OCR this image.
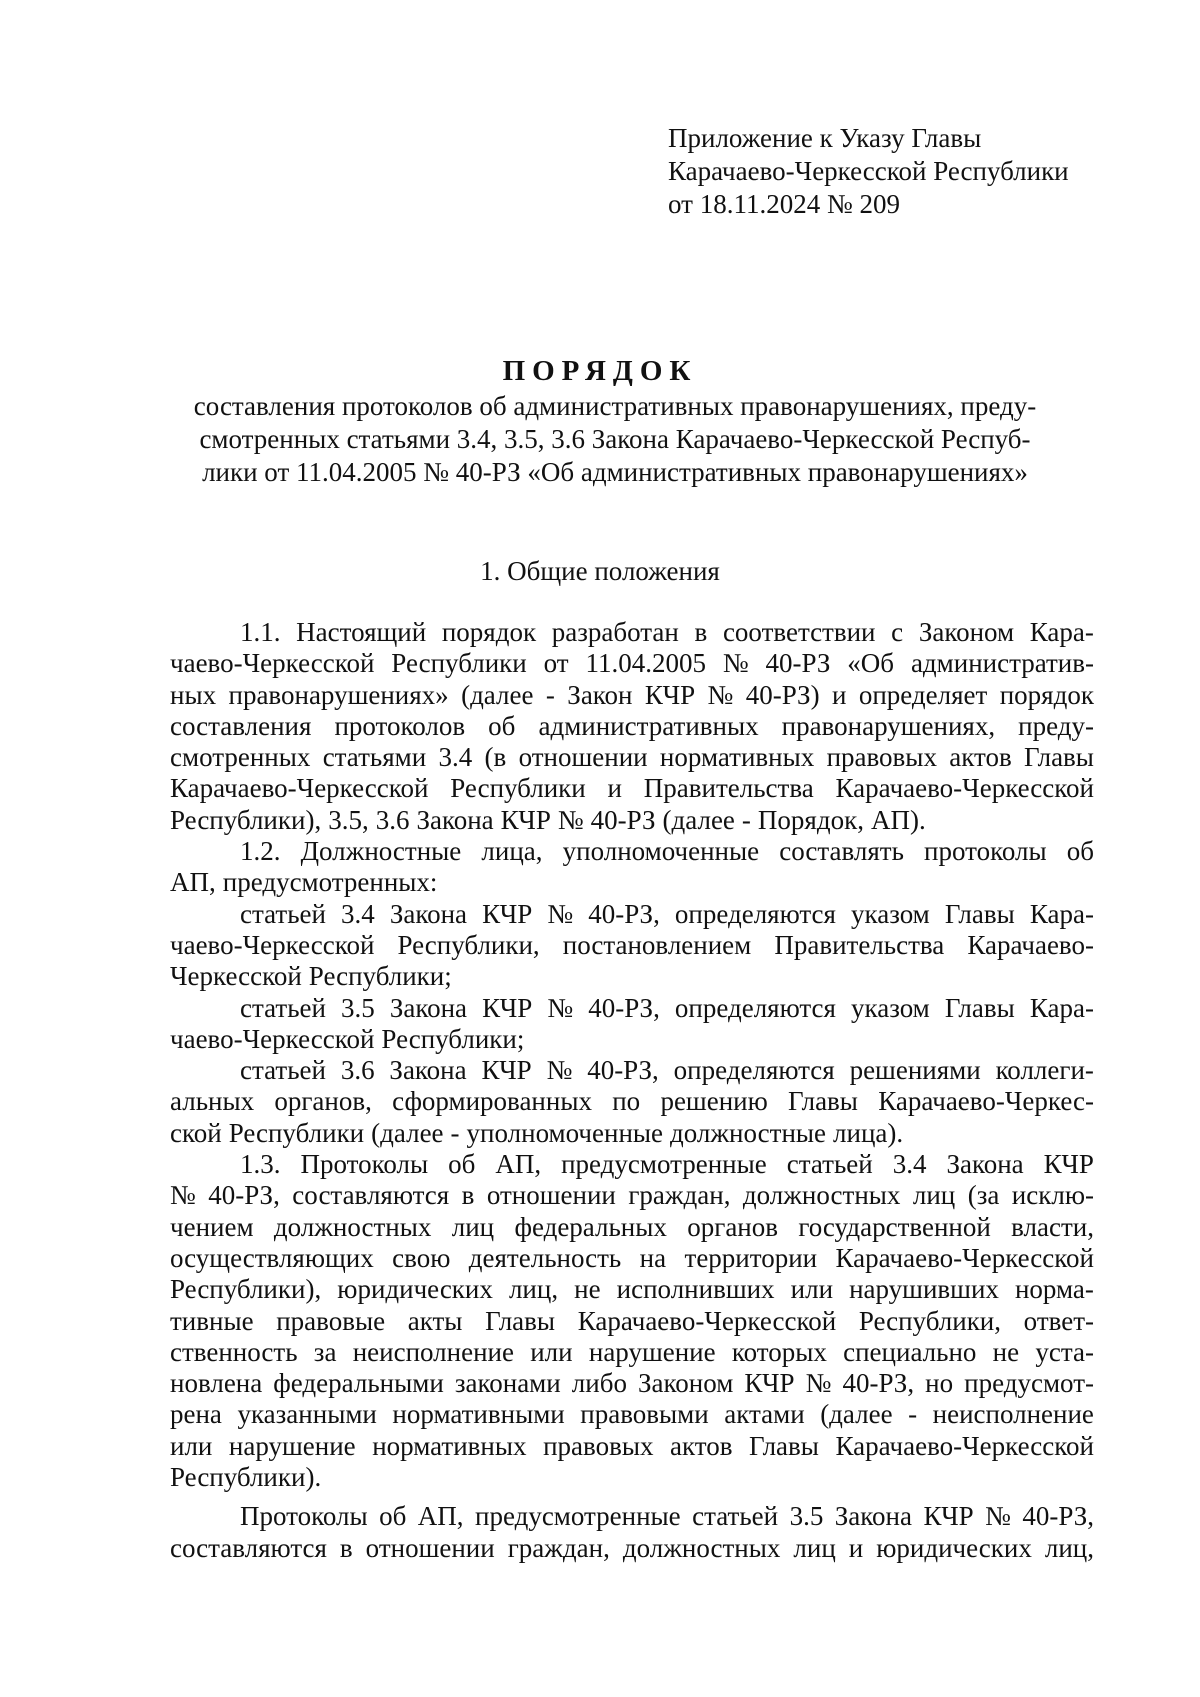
Приложение к Указу Главы
Карачаево-Черкесской Республики
от 18.11.2024 № 209
ПОРЯДОК
составления протоколов об административных правонарушениях, преду-
смотренных статьями 3.4, 3.5, 3.6 Закона Карачаево-Черкесской Респуб-
лики от 11.04.2005 № 40-РЗ «Об административных правонарушениях»
1. Общие положения
1.1. Настоящий порядок разработан в соответствии с Законом Кара-
чаево-Черкесской Республики от 11.04.2005 № 40-РЗ «Об административ-
ных правонарушениях» (далее - Закон КЧР № 40-РЗ) и определяет порядок
составления протоколов об административных правонарушениях, преду-
смотренных статьями 3.4 (в отношении нормативных правовых актов Главы
Карачаево-Черкесской Республики и Правительства Карачаево-Черкесской
Республики), 3.5, 3.6 Закона КЧР № 40-РЗ (далее - Порядок, АП).
1.2. Должностные лица, уполномоченные составлять протоколы об
АП, предусмотренных:
статьей 3.4 Закона КЧР № 40-РЗ, определяются указом Главы Кара-
чаево-Черкесской Республики, постановлением Правительства Карачаево-
Черкесской Республики;
статьей 3.5 Закона КЧР № 40-РЗ, определяются указом Главы Кара-
чаево-Черкесской Республики;
статьей 3.6 Закона КЧР № 40-РЗ, определяются решениями коллеги-
альных органов, сформированных по решению Главы Карачаево-Черкес-
ской Республики (далее - уполномоченные должностные лица).
1.3. Протоколы об АП, предусмотренные статьей 3.4 Закона КЧР
№ 40-РЗ, составляются в отношении граждан, должностных лиц (за исклю-
чением должностных лиц федеральных органов государственной власти,
осуществляющих свою деятельность на территории Карачаево-Черкесской
Республики), юридических лиц, не исполнивших или нарушивших норма-
тивные правовые акты Главы Карачаево-Черкесской Республики, ответ-
ственность за неисполнение или нарушение которых специально не уста-
новлена федеральными законами либо Законом КЧР № 40-РЗ, но предусмот-
рена указанными нормативными правовыми актами (далее - неисполнение
или нарушение нормативных правовых актов Главы Карачаево-Черкесской
Республики).
Протоколы об АП, предусмотренные статьей 3.5 Закона КЧР № 40-РЗ,
составляются в отношении граждан, должностных лиц и юридических лиц,
